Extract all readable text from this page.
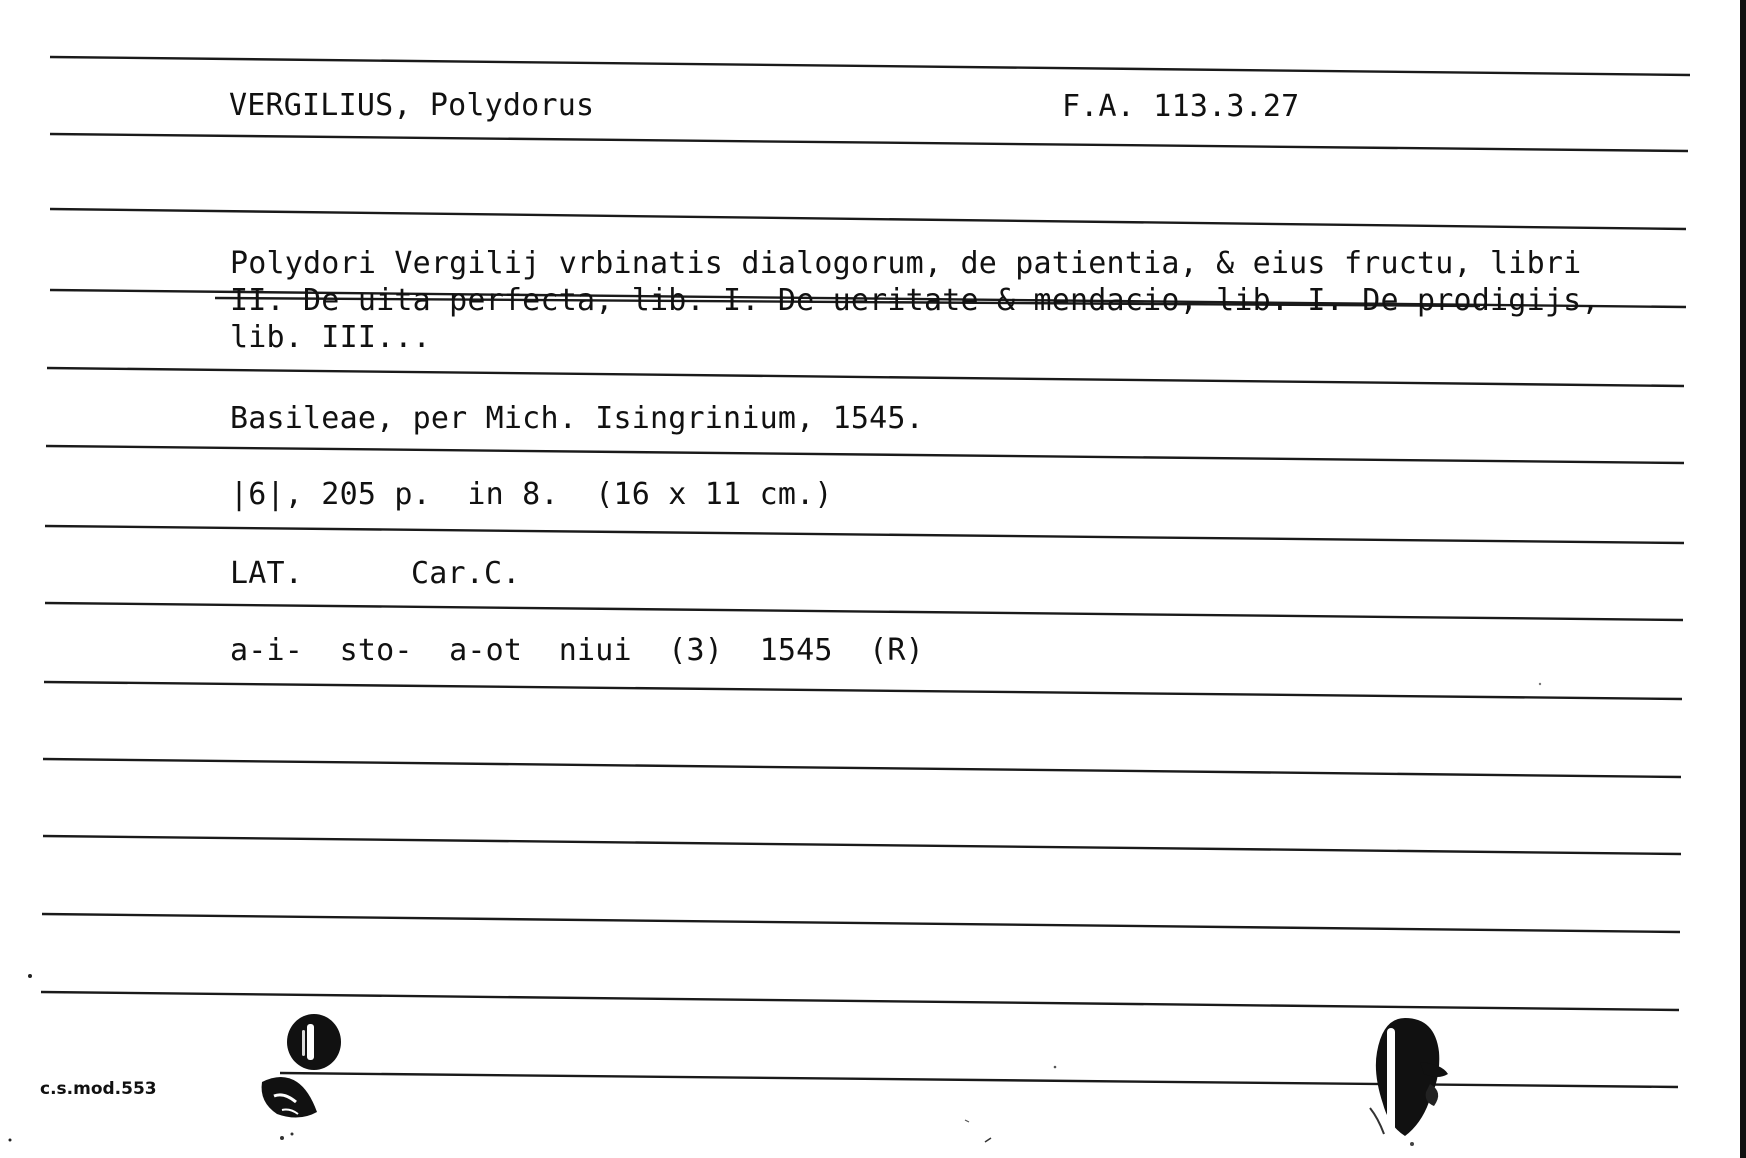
VERGILIUS, Polydorus	F.A. 113.3.27
Polydori Vergilij vrbinatis dialogorum, de patientia, & eius fructu, libri
II. De uita perfecta, lib. I. De ueritate & mendacio, lib. I. De prodigijs,
lib. III...
Basileae, per Mich. Isingrinium, 1545.
|6|, 205 p.  in 8.  (16 x 11 cm.)
LAT.	Car.C.
a-i-  sto-  a-ot  niui  (3)  1545  (R)
c.s.mod.553
